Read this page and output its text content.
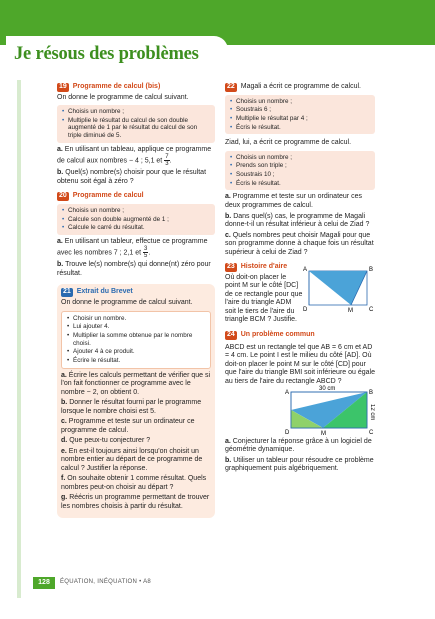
Je résous des problèmes
19 Programme de calcul (bis)
On donne le programme de calcul suivant.
• Choisis un nombre ;
• Multiplie le résultat du calcul de son double augmenté de 1 par le résultat du calcul de son triple diminué de 5.
a. En utilisant un tableau, applique ce programme de calcul aux nombres − 4 ; 5,1 et $\frac{7}{3}$ .
b. Quel(s) nombre(s) choisir pour que le résultat obtenu soit égal à zéro ?
20 Programme de calcul
• Choisis un nombre ;
• Calcule son double augmenté de 1 ;
• Calcule le carré du résultat.
a. En utilisant un tableur, effectue ce programme avec les nombres 7 ; 2,1 et $\frac{3}{5}$ .
b. Trouve le(s) nombre(s) qui donne(nt) zéro pour résultat.
21 Extrait du Brevet
On donne le programme de calcul suivant.
• Choisir un nombre.
• Lui ajouter 4.
• Multiplier la somme obtenue par le nombre choisi.
• Ajouter 4 à ce produit.
• Écrire le résultat.
a. Écrire les calculs permettant de vérifier que si l'on fait fonctionner ce programme avec le nombre − 2, on obtient 0.
b. Donner le résultat fourni par le programme lorsque le nombre choisi est 5.
c. Programme et teste sur un ordinateur ce programme de calcul.
d. Que peux-tu conjecturer ?
e. En est-il toujours ainsi lorsqu'on choisit un nombre entier au départ de ce programme de calcul ? Justifier la réponse.
f. On souhaite obtenir 1 comme résultat. Quels nombres peut-on choisir au départ ?
g. Réécris un programme permettant de trouver les nombres choisis à partir du résultat.
22 Magali a écrit ce programme de calcul.
• Choisis un nombre ;
• Soustrais 6 ;
• Multiplie le résultat par 4 ;
• Écris le résultat.
Ziad, lui, a écrit ce programme de calcul.
• Choisis un nombre ;
• Prends son triple ;
• Soustrais 10 ;
• Écris le résultat.
a. Programme et teste sur un ordinateur ces deux programmes de calcul.
b. Dans quel(s) cas, le programme de Magali donne-t-il un résultat inférieur à celui de Ziad ?
c. Quels nombres peut choisir Magali pour que son programme donne à chaque fois un résultat supérieur à celui de Ziad ?
23 Histoire d'aire
Où doit-on placer le point M sur le côté [DC] de ce rectangle pour que l'aire du triangle ADM soit le tiers de l'aire du triangle BCM ? Justifie.
A	B
C
D	M
24 Un problème commun
ABCD est un rectangle tel que AB = 6 cm et AD = 4 cm. Le point I est le milieu du côté [AD]. Où doit-on placer le point M sur le côté [CD] pour que l'aire du triangle BMI soit inférieure ou égale au tiers de l'aire du rectangle ABCD ?
A	B
C
D	M
30 cm
12 cm
a. Conjecturer la réponse grâce à un logiciel de géométrie dynamique.
b. Utiliser un tableur pour résoudre ce problème graphiquement puis algébriquement.
128	ÉQUATION, INÉQUATION • A8
